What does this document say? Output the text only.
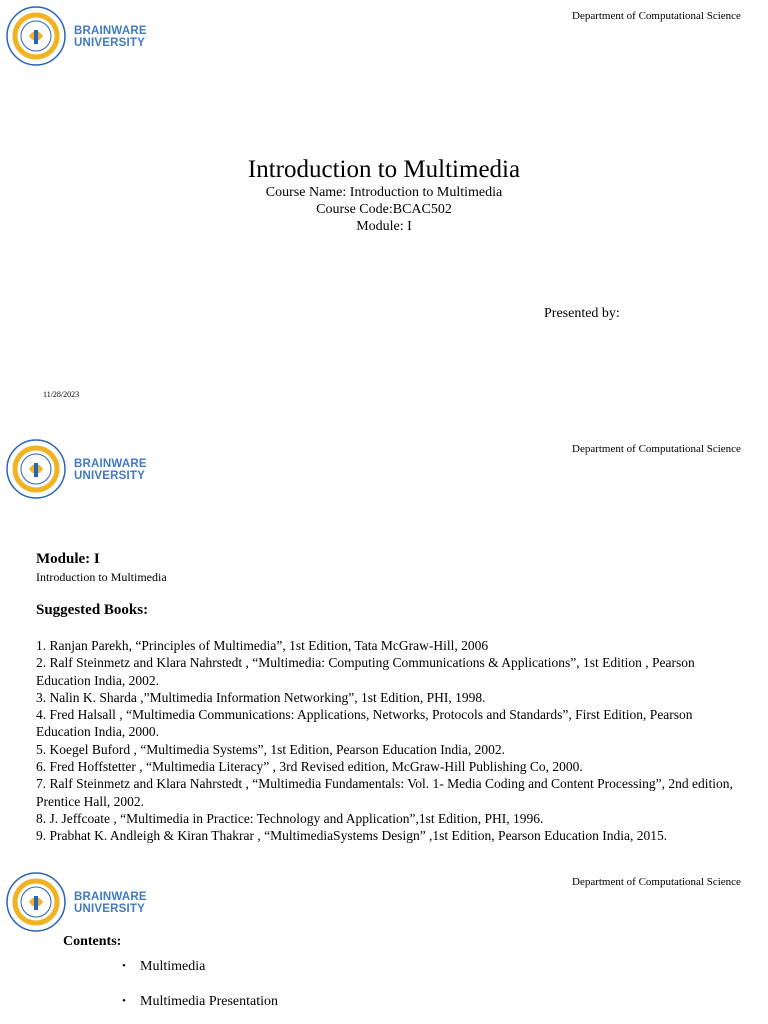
BRAINWARE
UNIVERSITY
Department of Computational Science
Introduction to Multimedia
Course Name: Introduction to Multimedia
Course Code:BCAC502
Module: I
Presented by:
11/28/2023
BRAINWARE
UNIVERSITY
Department of Computational Science
Module: I
Introduction to Multimedia
Suggested Books:
1. Ranjan Parekh, “Principles of Multimedia”, 1st Edition, Tata McGraw-Hill, 2006
2. Ralf Steinmetz and Klara Nahrstedt , “Multimedia: Computing Communications & Applications”, 1st Edition , Pearson Education India, 2002.
3. Nalin K. Sharda ,”Multimedia Information Networking”, 1st Edition, PHI, 1998.
4. Fred Halsall , “Multimedia Communications: Applications, Networks, Protocols and Standards”, First Edition, Pearson Education India, 2000.
5. Koegel Buford , “Multimedia Systems”, 1st Edition, Pearson Education India, 2002.
6. Fred Hoffstetter , “Multimedia Literacy” , 3rd Revised edition, McGraw-Hill Publishing Co, 2000.
7. Ralf Steinmetz and Klara Nahrstedt , “Multimedia Fundamentals: Vol. 1- Media Coding and Content Processing”, 2nd edition, Prentice Hall, 2002.
8. J. Jeffcoate , “Multimedia in Practice: Technology and Application”,1st Edition, PHI, 1996.
9. Prabhat K. Andleigh & Kiran Thakrar , “MultimediaSystems Design” ,1st Edition, Pearson Education India, 2015.
BRAINWARE
UNIVERSITY
Department of Computational Science
Contents:
• Multimedia
• Multimedia Presentation
